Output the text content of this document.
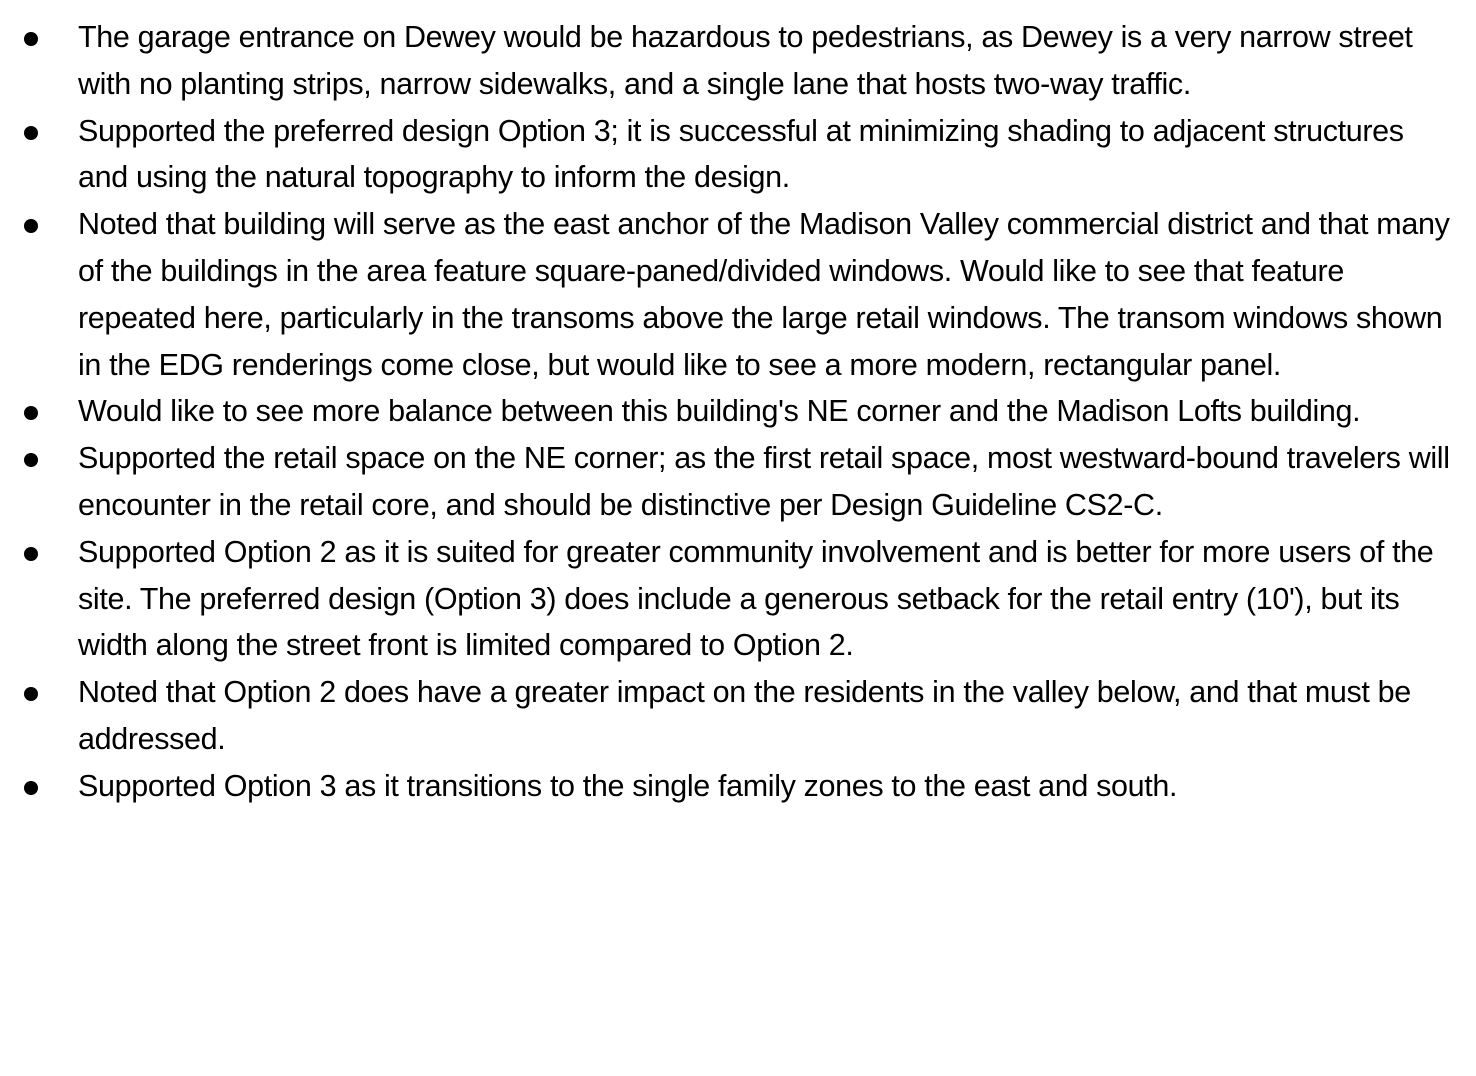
The garage entrance on Dewey would be hazardous to pedestrians, as Dewey is a very narrow street with no planting strips, narrow sidewalks, and a single lane that hosts two-way traffic.
Supported the preferred design Option 3; it is successful at minimizing shading to adjacent structures and using the natural topography to inform the design.
Noted that building will serve as the east anchor of the Madison Valley commercial district and that many of the buildings in the area feature square-paned/divided windows. Would like to see that feature repeated here, particularly in the transoms above the large retail windows. The transom windows shown in the EDG renderings come close, but would like to see a more modern, rectangular panel.
Would like to see more balance between this building's NE corner and the Madison Lofts building.
Supported the retail space on the NE corner; as the first retail space, most westward-bound travelers will encounter in the retail core, and should be distinctive per Design Guideline CS2-C.
Supported Option 2 as it is suited for greater community involvement and is better for more users of the site. The preferred design (Option 3) does include a generous setback for the retail entry (10'), but its width along the street front is limited compared to Option 2.
Noted that Option 2 does have a greater impact on the residents in the valley below, and that must be addressed.
Supported Option 3 as it transitions to the single family zones to the east and south.
